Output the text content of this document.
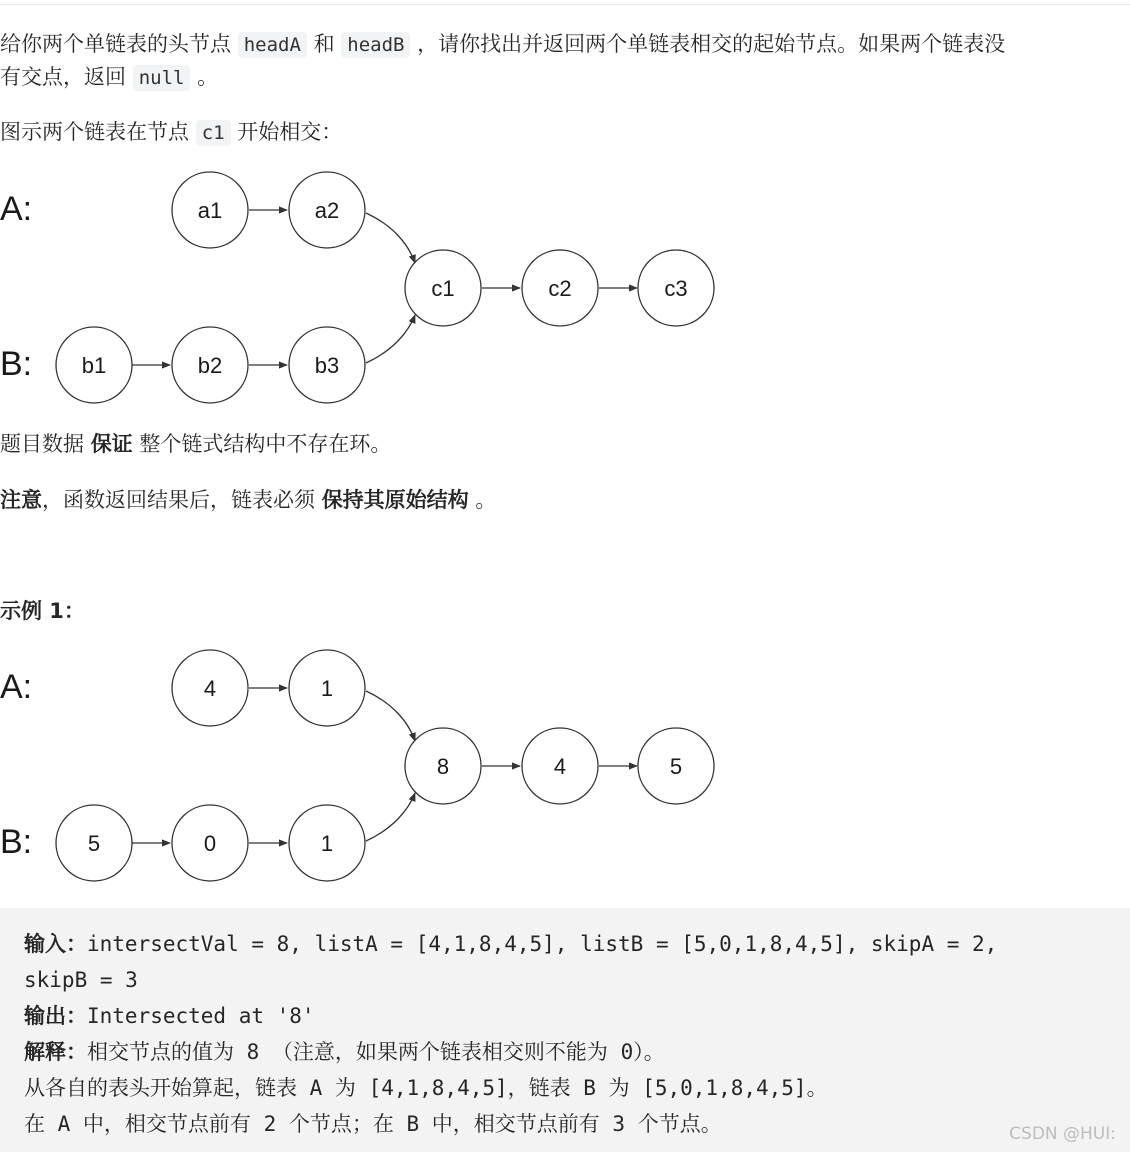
给你两个单链表的头节点 headA 和 headB ，请你找出并返回两个单链表相交的起始节点。如果两个链表没
有交点，返回 null 。
图示两个链表在节点 c1 开始相交：
A:
B:
a1	a2
b1	b2	b3
c1	c2	c3
题目数据 保证 整个链式结构中不存在环。
注意，函数返回结果后，链表必须 保持其原始结构 。
示例 1：
A:
B:
4	1
5	0	1
8	4	5
输入：intersectVal = 8, listA = [4,1,8,4,5], listB = [5,0,1,8,4,5], skipA = 2,
skipB = 3
输出：Intersected at '8'
解释：相交节点的值为 8 （注意，如果两个链表相交则不能为 0）。
从各自的表头开始算起，链表 A 为 [4,1,8,4,5]，链表 B 为 [5,0,1,8,4,5]。
在 A 中，相交节点前有 2 个节点；在 B 中，相交节点前有 3 个节点。	CSDN @HUI:
